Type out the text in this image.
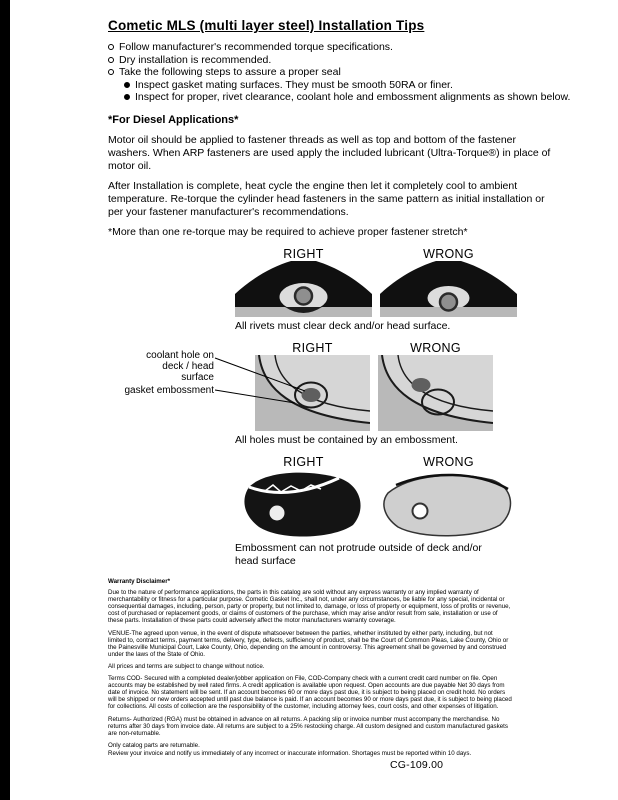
Cometic MLS (multi layer steel) Installation Tips
Follow manufacturer's recommended torque specifications.
Dry installation is recommended.
Take the following steps to assure a proper seal
Inspect gasket mating surfaces. They must be smooth 50RA or finer.
Inspect for proper, rivet clearance, coolant hole and embossment alignments as shown below.
*For Diesel Applications*

Motor oil should be applied to fastener threads as well as top and bottom of the fastener washers. When ARP fasteners are used apply the included lubricant (Ultra-Torque®) in place of motor oil.

After Installation is complete, heat cycle the engine then let it completely cool to ambient temperature. Re-torque the cylinder head fasteners in the same pattern as initial installation or per your fastener manufacturer's recommendations.

*More than one re-torque may be required to achieve proper fastener stretch*

RIGHT	WRONG
All rivets must clear deck and/or head surface.
coolant hole on
deck / head surface
gasket embossment
RIGHT	WRONG
All holes must be contained by an embossment.
RIGHT	WRONG
Embossment can not protrude outside of deck and/or head surface

Warranty Disclaimer*

Due to the nature of performance applications, the parts in this catalog are sold without any express warranty or any implied warranty of merchantability or fitness for a particular purpose. Cometic Gasket Inc., shall not, under any circumstances, be liable for any special, incidental or consequential damages, including, person, party or property, but not limited to, damage, or loss of property or equipment, loss of profits or revenue, cost of purchased or replacement goods, or claims of customers of the purchase, which may arise and/or result from sale, installation or use of these parts. Installation of these parts could adversely affect the motor manufacturers warranty coverage.

VENUE-The agreed upon venue, in the event of dispute whatsoever between the parties, whether instituted by either party, including, but not limited to, contract terms, payment terms, delivery, type, defects, sufficiency of product, shall be the Court of Common Pleas, Lake County, Ohio or the Painesville Municipal Court, Lake County, Ohio, depending on the amount in controversy. This agreement shall be governed by and construed under the laws of the State of Ohio.

All prices and terms are subject to change without notice.

Terms COD- Secured with a completed dealer/jobber application on File, COD-Company check with a current credit card number on file. Open accounts may be established by well rated firms. A credit application is available upon request. Open accounts are due payable Net 30 days from date of invoice. No statement will be sent. If an account becomes 60 or more days past due, it is subject to being placed on credit hold. No orders will be shipped or new orders accepted until past due balance is paid. If an account becomes 90 or more days past due, it is subject to being placed for collections. All costs of collection are the responsibility of the customer, including attorney fees, court costs, and other expenses of litigation.

Returns- Authorized (RGA) must be obtained in advance on all returns. A packing slip or invoice number must accompany the merchandise. No returns after 30 days from invoice date. All returns are subject to a 25% restocking charge. All custom designed and custom manufactured gaskets are non-returnable.

Only catalog parts are returnable.

Review your invoice and notify us immediately of any incorrect or inaccurate information. Shortages must be reported within 10 days.

CG-109.00
